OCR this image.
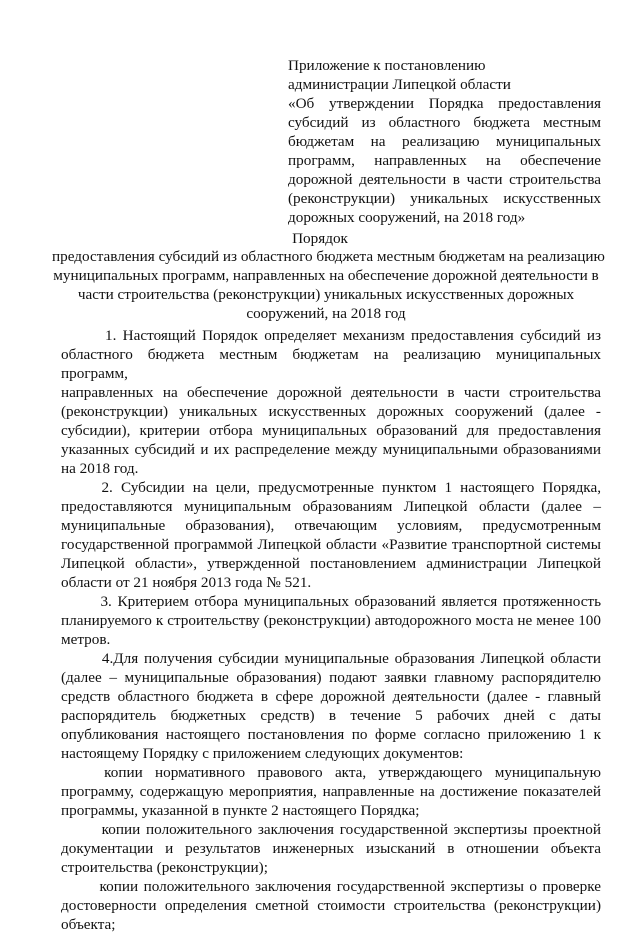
Приложение к постановлению
администрации Липецкой области
«Об утверждении Порядка предоставления
субсидий из областного бюджета местным
бюджетам на реализацию муниципальных
программ, направленных на обеспечение
дорожной деятельности в части строительства
(реконструкции) уникальных искусственных
дорожных сооружений, на 2018 год»
Порядок
предоставления субсидий из областного бюджета местным бюджетам на реализацию
муниципальных программ, направленных на обеспечение дорожной деятельности в
части строительства (реконструкции) уникальных искусственных дорожных
сооружений, на 2018 год

1. Настоящий Порядок определяет механизм предоставления субсидий из
областного бюджета местным бюджетам на реализацию муниципальных программ,
направленных на обеспечение дорожной деятельности в части строительства
(реконструкции) уникальных искусственных дорожных сооружений (далее -
субсидии), критерии отбора муниципальных образований для предоставления
указанных субсидий и их распределение между муниципальными образованиями
на 2018 год.

2. Субсидии на цели, предусмотренные пунктом 1 настоящего Порядка,
предоставляются муниципальным образованиям Липецкой области (далее –
муниципальные образования), отвечающим условиям, предусмотренным
государственной программой Липецкой области «Развитие транспортной системы
Липецкой области», утвержденной постановлением администрации Липецкой
области от 21 ноября 2013 года № 521.

3. Критерием отбора муниципальных образований является протяженность
планируемого к строительству (реконструкции) автодорожного моста не менее 100
метров.

4.Для получения субсидии муниципальные образования Липецкой области
(далее – муниципальные образования) подают заявки главному распорядителю
средств областного бюджета в сфере дорожной деятельности (далее - главный
распорядитель бюджетных средств) в течение 5 рабочих дней с даты
опубликования настоящего постановления по форме согласно приложению 1 к
настоящему Порядку с приложением следующих документов:

копии  нормативного  правового  акта,  утверждающего  муниципальную
программу, содержащую мероприятия, направленные на достижение показателей
программы, указанной в пункте 2 настоящего Порядка;

копии положительного заключения государственной экспертизы проектной
документации и результатов инженерных изысканий в отношении объекта
строительства (реконструкции);

копии положительного заключения государственной экспертизы о проверке
достоверности определения сметной стоимости строительства (реконструкции)
объекта;
